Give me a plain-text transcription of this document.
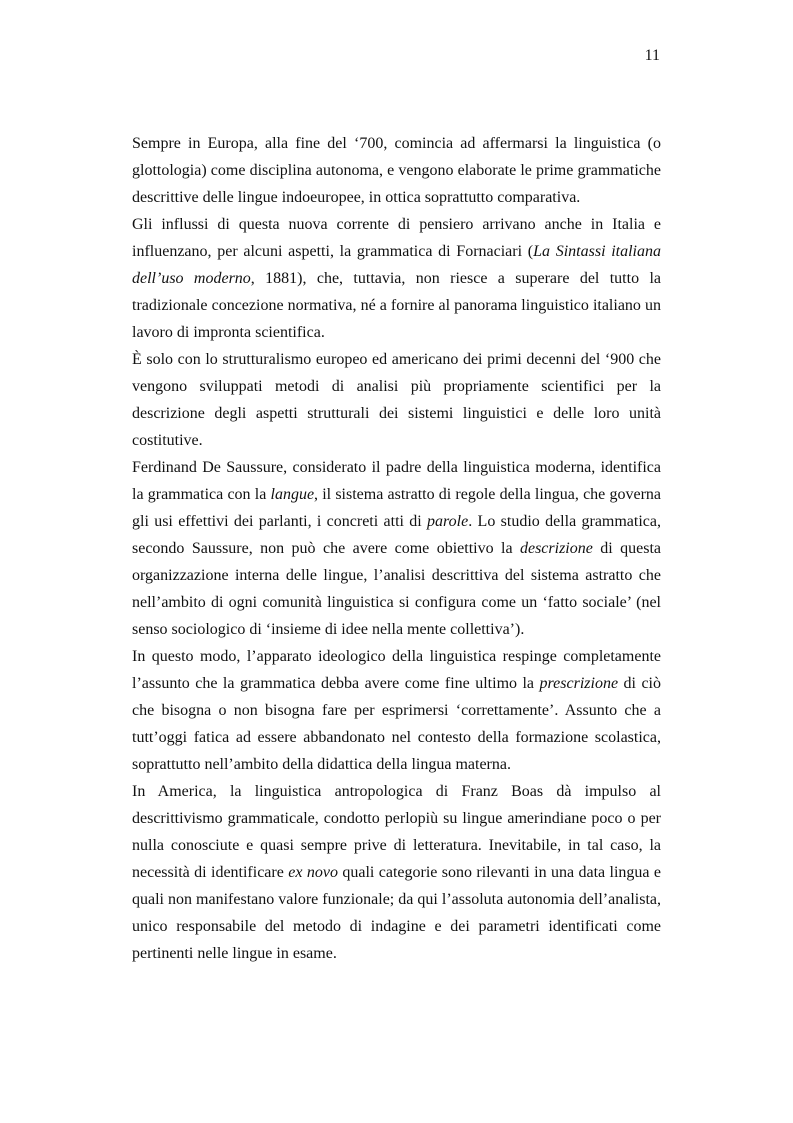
11

Sempre in Europa, alla fine del ‘700, comincia ad affermarsi la linguistica (o glottologia) come disciplina autonoma, e vengono elaborate le prime grammatiche descrittive delle lingue indoeuropee, in ottica soprattutto comparativa.

Gli influssi di questa nuova corrente di pensiero arrivano anche in Italia e influenzano, per alcuni aspetti, la grammatica di Fornaciari (La Sintassi italiana dell’uso moderno, 1881), che, tuttavia, non riesce a superare del tutto la tradizionale concezione normativa, né a fornire al panorama linguistico italiano un lavoro di impronta scientifica.

È solo con lo strutturalismo europeo ed americano dei primi decenni del ‘900 che vengono sviluppati metodi di analisi più propriamente scientifici per la descrizione degli aspetti strutturali dei sistemi linguistici e delle loro unità costitutive.

Ferdinand De Saussure, considerato il padre della linguistica moderna, identifica la grammatica con la langue, il sistema astratto di regole della lingua, che governa gli usi effettivi dei parlanti, i concreti atti di parole. Lo studio della grammatica, secondo Saussure, non può che avere come obiettivo la descrizione di questa organizzazione interna delle lingue, l’analisi descrittiva del sistema astratto che nell’ambito di ogni comunità linguistica si configura come un ‘fatto sociale’ (nel senso sociologico di ‘insieme di idee nella mente collettiva’).

In questo modo, l’apparato ideologico della linguistica respinge completamente l’assunto che la grammatica debba avere come fine ultimo la prescrizione di ciò che bisogna o non bisogna fare per esprimersi ‘correttamente’. Assunto che a tutt’oggi fatica ad essere abbandonato nel contesto della formazione scolastica, soprattutto nell’ambito della didattica della lingua materna.

In America, la linguistica antropologica di Franz Boas dà impulso al descrittivismo grammaticale, condotto perlopiù su lingue amerindiane poco o per nulla conosciute e quasi sempre prive di letteratura. Inevitabile, in tal caso, la necessità di identificare ex novo quali categorie sono rilevanti in una data lingua e quali non manifestano valore funzionale; da qui l’assoluta autonomia dell’analista, unico responsabile del metodo di indagine e dei parametri identificati come pertinenti nelle lingue in esame.
